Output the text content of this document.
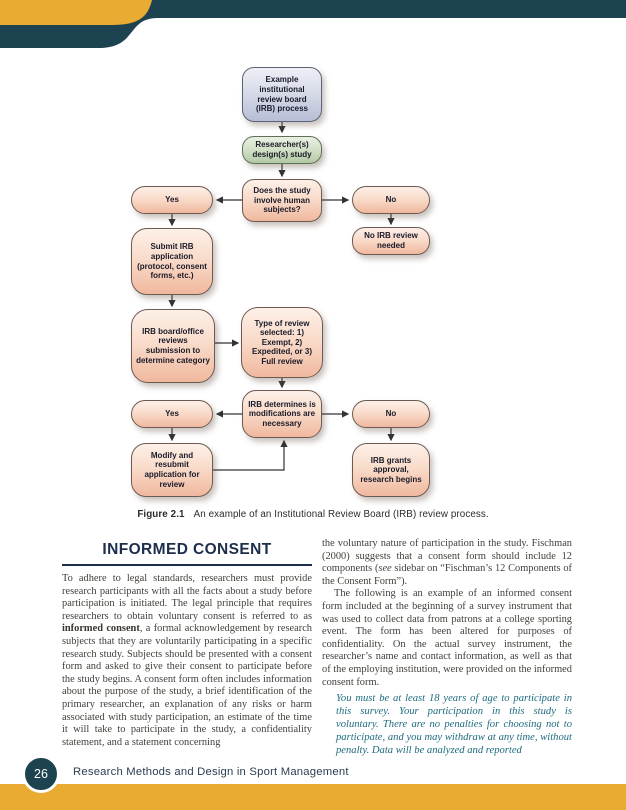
Example institutional review board (IRB) process
Researcher(s) design(s) study
Does the study involve human subjects?
Yes	No
Submit IRB application (protocol, consent forms, etc.)
No IRB review needed
IRB board/office reviews submission to determine category
Type of review selected: 1) Exempt, 2) Expedited, or 3) Full review
IRB determines is modifications are necessary
Yes	No
Modify and resubmit application for review
IRB grants approval, research begins
Figure 2.1 An example of an Institutional Review Board (IRB) review process.
INFORMED CONSENT

To adhere to legal standards, researchers must provide research participants with all the facts about a study before participation is initiated. The legal principle that requires researchers to obtain voluntary consent is referred to as informed consent, a formal acknowledgement by research subjects that they are voluntarily participating in a specific research study. Subjects should be presented with a consent form and asked to give their consent to participate before the study begins. A consent form often includes information about the purpose of the study, a brief identification of the primary researcher, an explanation of any risks or harm associated with study participation, an estimate of the time it will take to participate in the study, a confidentiality statement, and a statement concerning

the voluntary nature of participation in the study. Fischman (2000) suggests that a consent form should include 12 components (see sidebar on “Fischman’s 12 Components of the Consent Form”).

The following is an example of an informed consent form included at the beginning of a survey instrument that was used to collect data from patrons at a college sporting event. The form has been altered for purposes of confidentiality. On the actual survey instrument, the researcher’s name and contact information, as well as that of the employing institution, were provided on the informed consent form.

You must be at least 18 years of age to participate in this survey. Your participation in this study is voluntary. There are no penalties for choosing not to participate, and you may withdraw at any time, without penalty. Data will be analyzed and reported

26 Research Methods and Design in Sport Management
